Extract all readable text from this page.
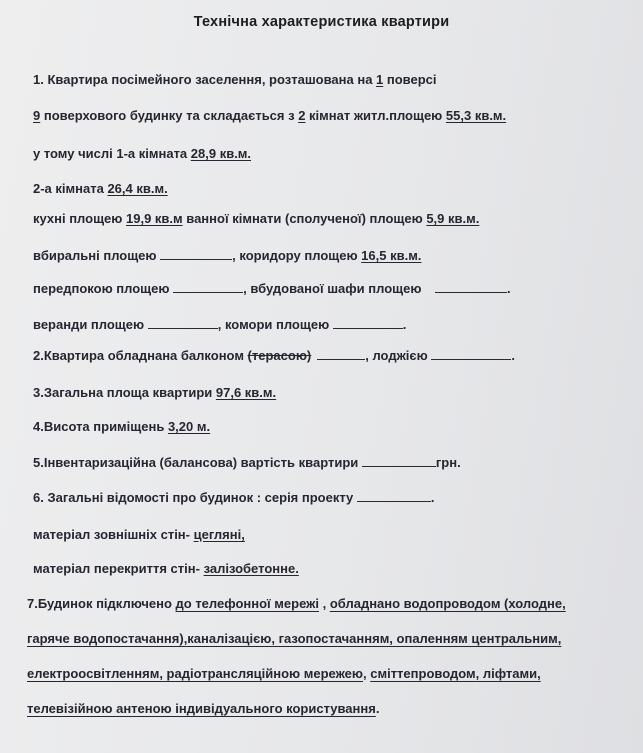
Технічна характеристика квартири
1. Квартира посімейного заселення, розташована на 1 поверсі
9 поверхового будинку та складається з 2 кімнат житл.площею 55,3 кв.м.
у тому числі 1-а кімната 28,9 кв.м.
2-а кімната 26,4 кв.м.
кухні площею 19,9 кв.м ванної кімнати (сполученої) площею 5,9 кв.м.
вбиральні площею	, коридору площею 16,5 кв.м.
передпокою площею	, вбудованої шафи площею	.
веранди площею	, комори площею	.
2.Квартира обладнана балконом (терасою)	, лоджією	.
3.Загальна площа квартири 97,6 кв.м.
4.Висота приміщень 3,20 м.
5.Інвентаризаційна (балансова) вартість квартири	грн.
6. Загальні відомості про будинок : серія проекту	.
матеріал зовнішніх стін- цегляні,
матеріал перекриття стін- залізобетонне.
7.Будинок підключено до телефонної мережі , обладнано водопроводом (холодне,
гаряче водопостачання),каналізацією, газопостачанням, опаленням центральним,
електроосвітленням, радіотрансляційною мережею, сміттепроводом, ліфтами,
телевізійною антеною індивідуального користування.
